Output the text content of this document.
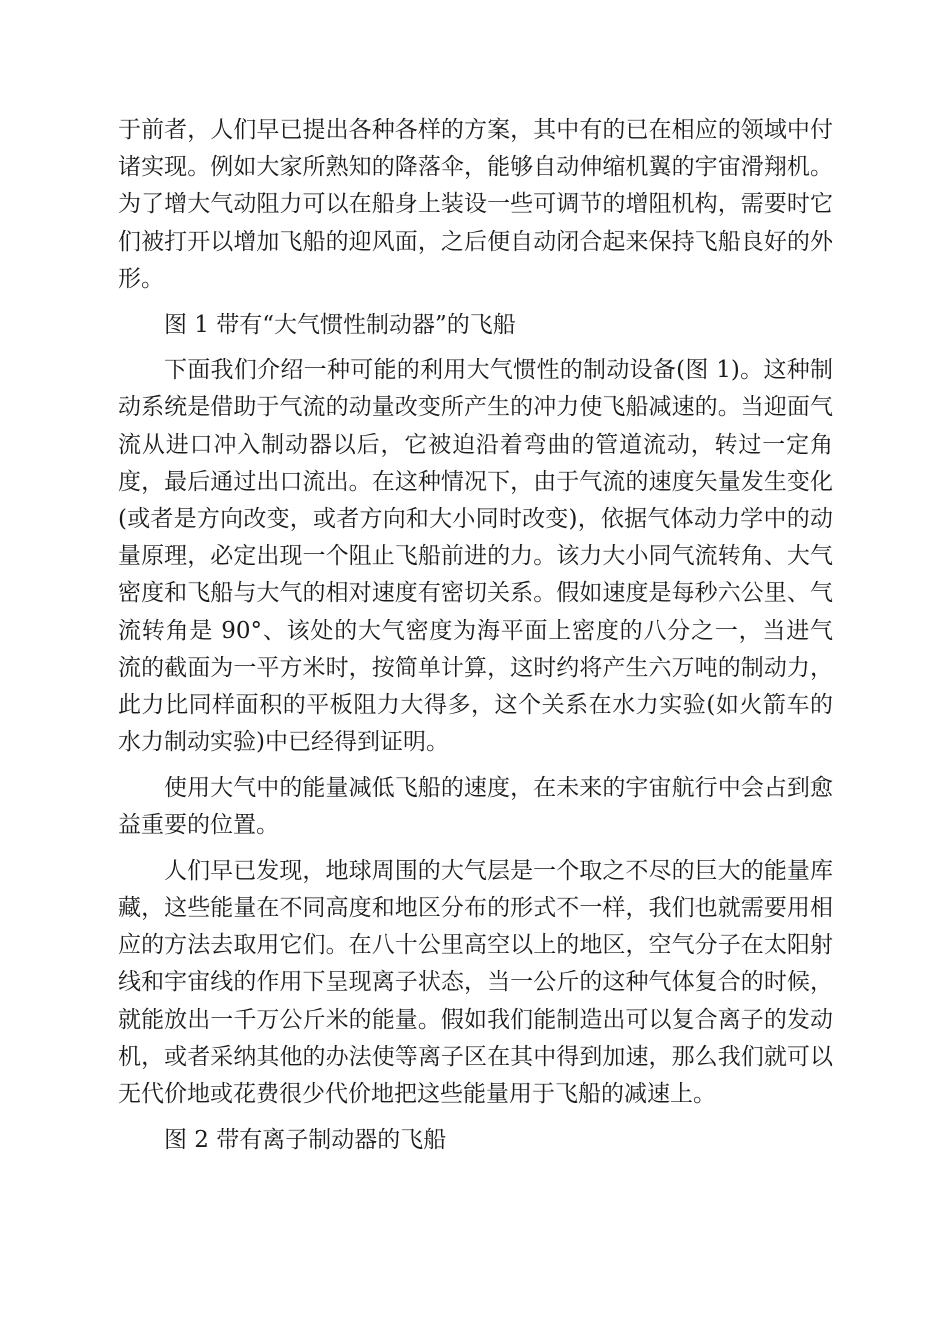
于前者，人们早已提出各种各样的方案，其中有的已在相应的领域中付诸实现。例如大家所熟知的降落伞，能够自动伸缩机翼的宇宙滑翔机。为了增大气动阻力可以在船身上装设一些可调节的增阻机构，需要时它们被打开以增加飞船的迎风面，之后便自动闭合起来保持飞船良好的外形。

图 1 带有“大气惯性制动器”的飞船

下面我们介绍一种可能的利用大气惯性的制动设备(图 1)。这种制动系统是借助于气流的动量改变所产生的冲力使飞船减速的。当迎面气流从进口冲入制动器以后，它被迫沿着弯曲的管道流动，转过一定角度，最后通过出口流出。在这种情况下，由于气流的速度矢量发生变化(或者是方向改变，或者方向和大小同时改变)，依据气体动力学中的动量原理，必定出现一个阻止飞船前进的力。该力大小同气流转角、大气密度和飞船与大气的相对速度有密切关系。假如速度是每秒六公里、气流转角是 90°、该处的大气密度为海平面上密度的八分之一，当进气流的截面为一平方米时，按简单计算，这时约将产生六万吨的制动力，此力比同样面积的平板阻力大得多，这个关系在水力实验(如火箭车的水力制动实验)中已经得到证明。

使用大气中的能量减低飞船的速度，在未来的宇宙航行中会占到愈益重要的位置。

人们早已发现，地球周围的大气层是一个取之不尽的巨大的能量库藏，这些能量在不同高度和地区分布的形式不一样，我们也就需要用相应的方法去取用它们。在八十公里高空以上的地区，空气分子在太阳射线和宇宙线的作用下呈现离子状态，当一公斤的这种气体复合的时候，就能放出一千万公斤米的能量。假如我们能制造出可以复合离子的发动机，或者采纳其他的办法使等离子区在其中得到加速，那么我们就可以无代价地或花费很少代价地把这些能量用于飞船的减速上。

图 2 带有离子制动器的飞船
